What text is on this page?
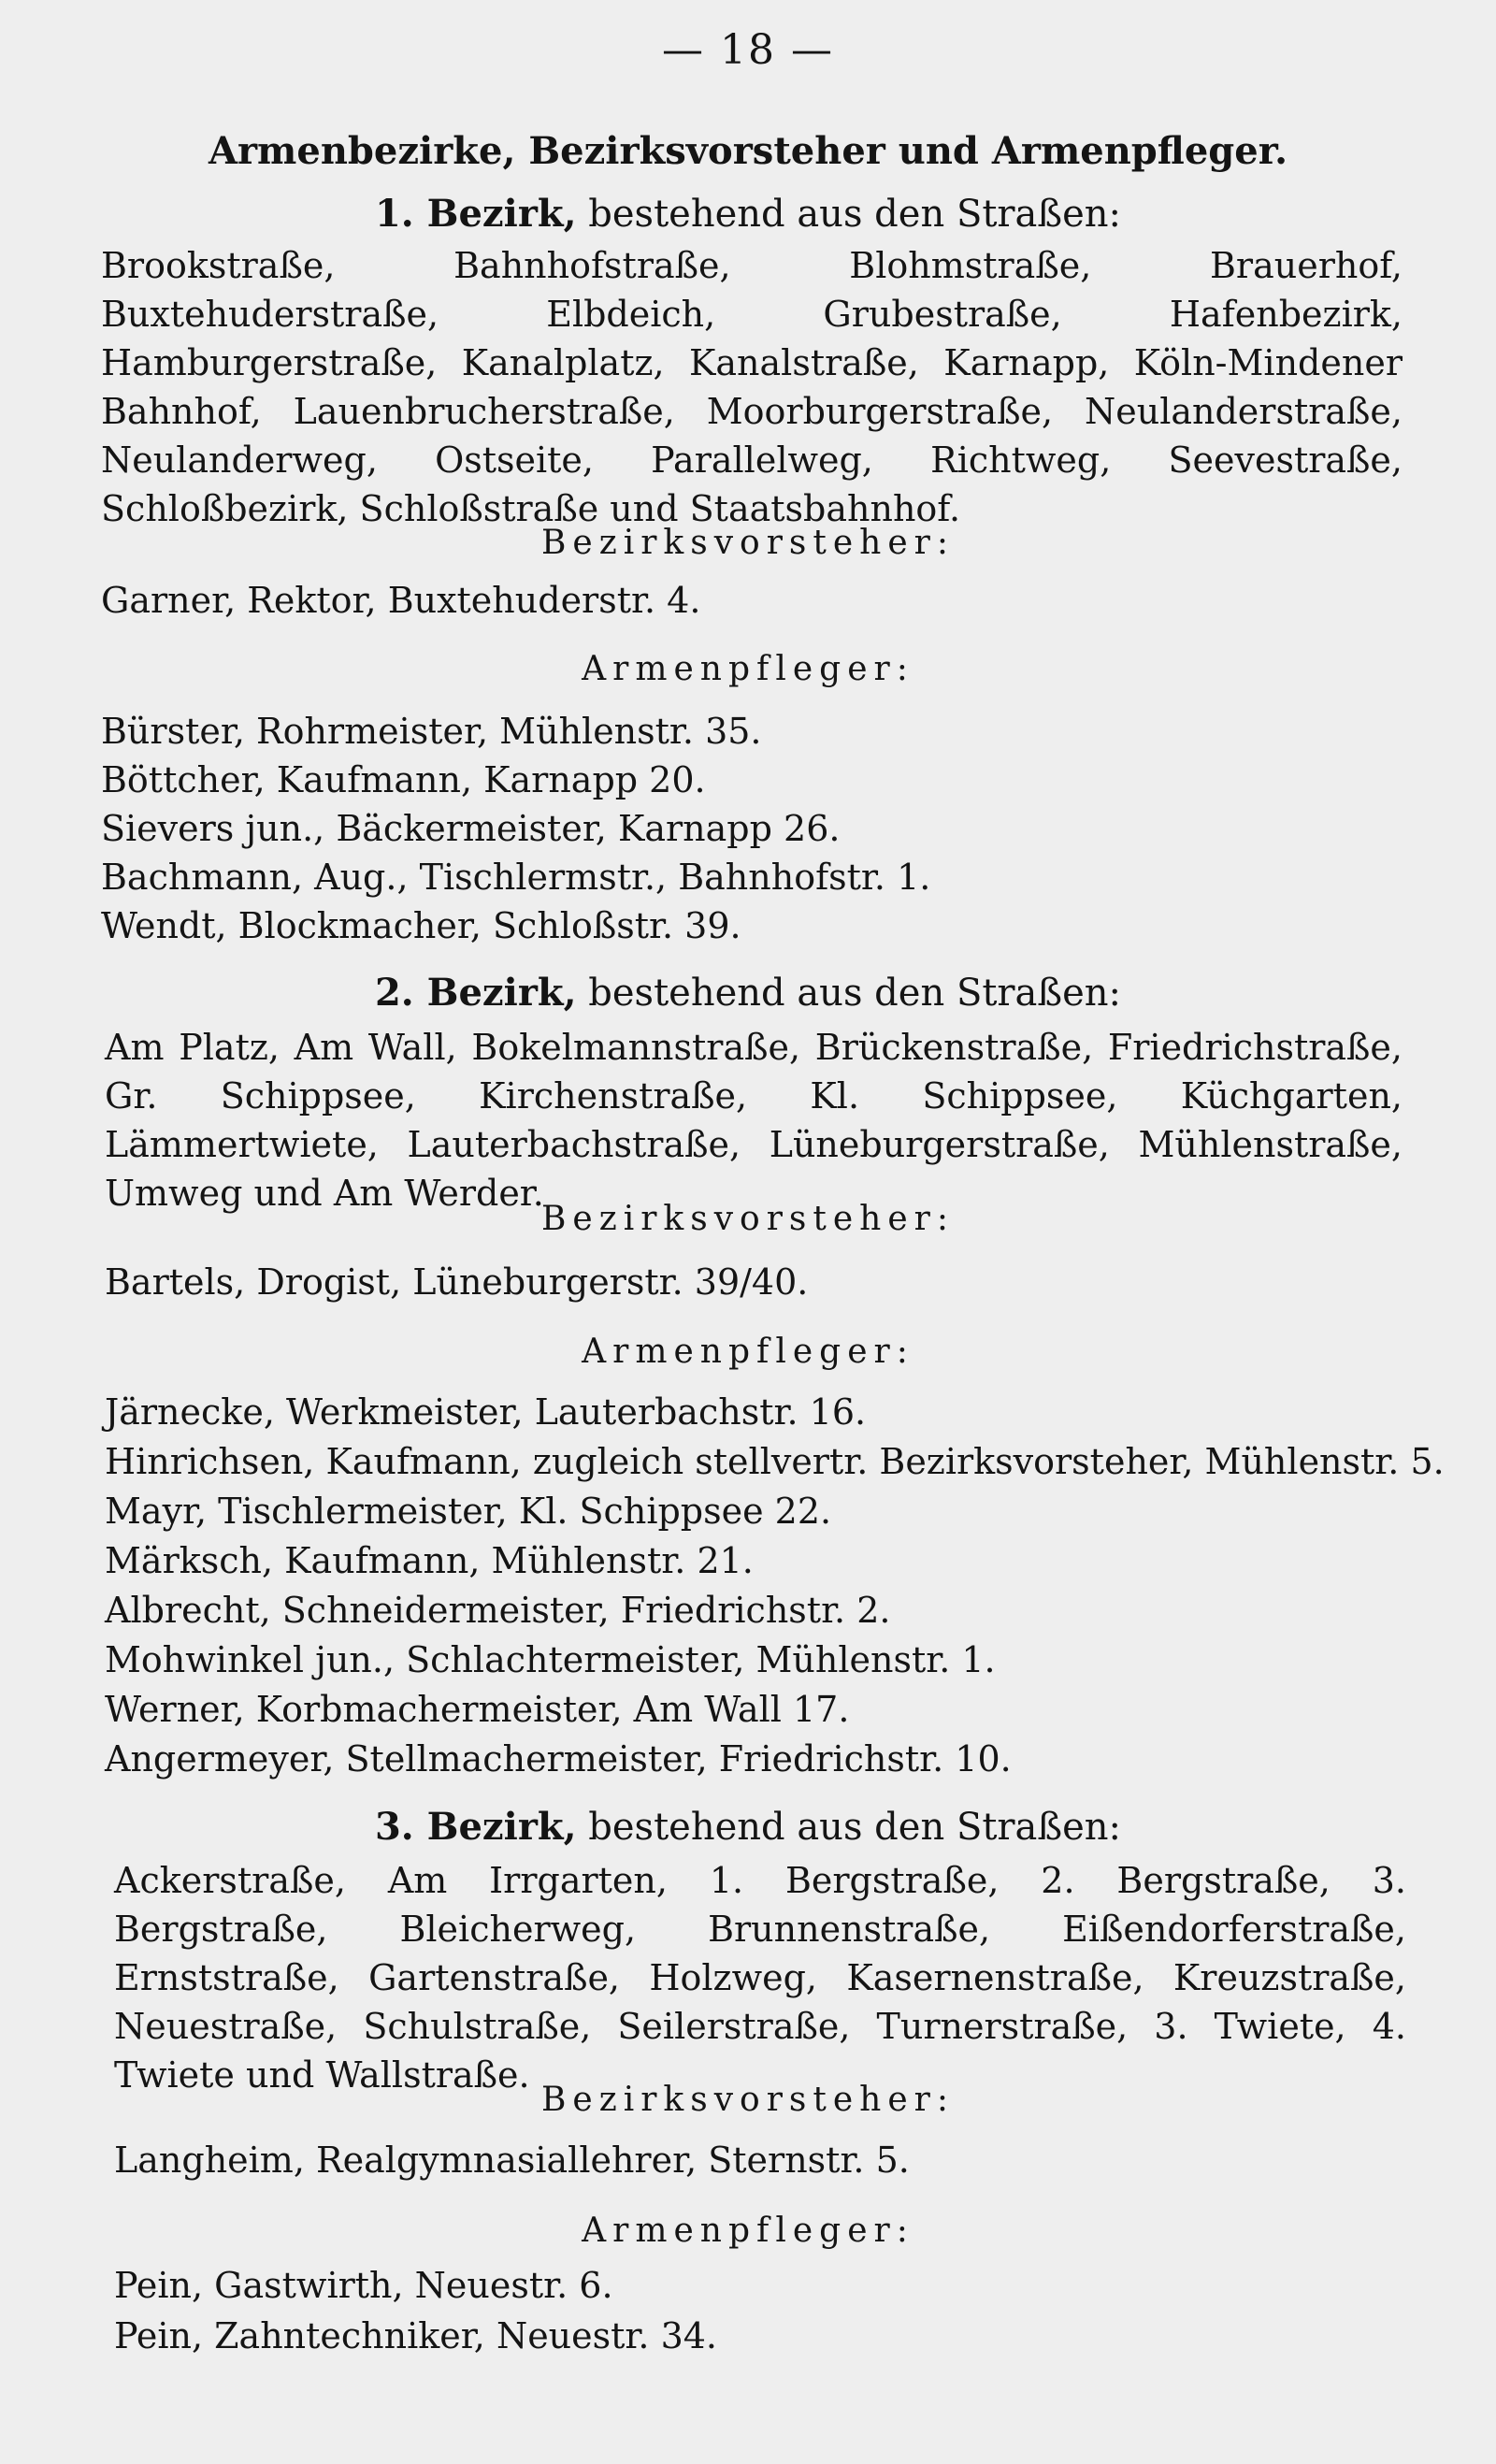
— 18 —
Armenbezirke, Bezirksvorsteher und Armenpfleger.
1. Bezirk, bestehend aus den Straßen:
Brookstraße, Bahnhofstraße, Blohmstraße, Brauerhof, Buxtehuderstraße, Elbdeich, Grubestraße, Hafenbezirk, Hamburgerstraße, Kanalplatz, Kanalstraße, Karnapp, Köln-Mindener Bahnhof, Lauenbrucherstraße, Moorburgerstraße, Neulanderstraße, Neulanderweg, Ostseite, Parallelweg, Richtweg, Seevestraße, Schloßbezirk, Schloßstraße und Staatsbahnhof.
Bezirksvorsteher:
Garner, Rektor, Buxtehuderstr. 4.
Armenpfleger:
Bürster, Rohrmeister, Mühlenstr. 35.
Böttcher, Kaufmann, Karnapp 20.
Sievers jun., Bäckermeister, Karnapp 26.
Bachmann, Aug., Tischlermstr., Bahnhofstr. 1.
Wendt, Blockmacher, Schloßstr. 39.
2. Bezirk, bestehend aus den Straßen:
Am Platz, Am Wall, Bokelmannstraße, Brückenstraße, Friedrichstraße, Gr. Schippsee, Kirchenstraße, Kl. Schippsee, Küchgarten, Lämmertwiete, Lauterbachstraße, Lüneburgerstraße, Mühlenstraße, Umweg und Am Werder.
Bezirksvorsteher:
Bartels, Drogist, Lüneburgerstr. 39/40.
Armenpfleger:
Järnecke, Werkmeister, Lauterbachstr. 16.
Hinrichsen, Kaufmann, zugleich stellvertr. Bezirksvorsteher, Mühlenstr. 5.
Mayr, Tischlermeister, Kl. Schippsee 22.
Märksch, Kaufmann, Mühlenstr. 21.
Albrecht, Schneidermeister, Friedrichstr. 2.
Mohwinkel jun., Schlachtermeister, Mühlenstr. 1.
Werner, Korbmachermeister, Am Wall 17.
Angermeyer, Stellmachermeister, Friedrichstr. 10.
3. Bezirk, bestehend aus den Straßen:
Ackerstraße, Am Irrgarten, 1. Bergstraße, 2. Bergstraße, 3. Bergstraße, Bleicherweg, Brunnenstraße, Eißendorferstraße, Ernststraße, Gartenstraße, Holzweg, Kasernenstraße, Kreuzstraße, Neuestraße, Schulstraße, Seilerstraße, Turnerstraße, 3. Twiete, 4. Twiete und Wallstraße.
Bezirksvorsteher:
Langheim, Realgymnasiallehrer, Sternstr. 5.
Armenpfleger:
Pein, Gastwirth, Neuestr. 6.
Pein, Zahntechniker, Neuestr. 34.
